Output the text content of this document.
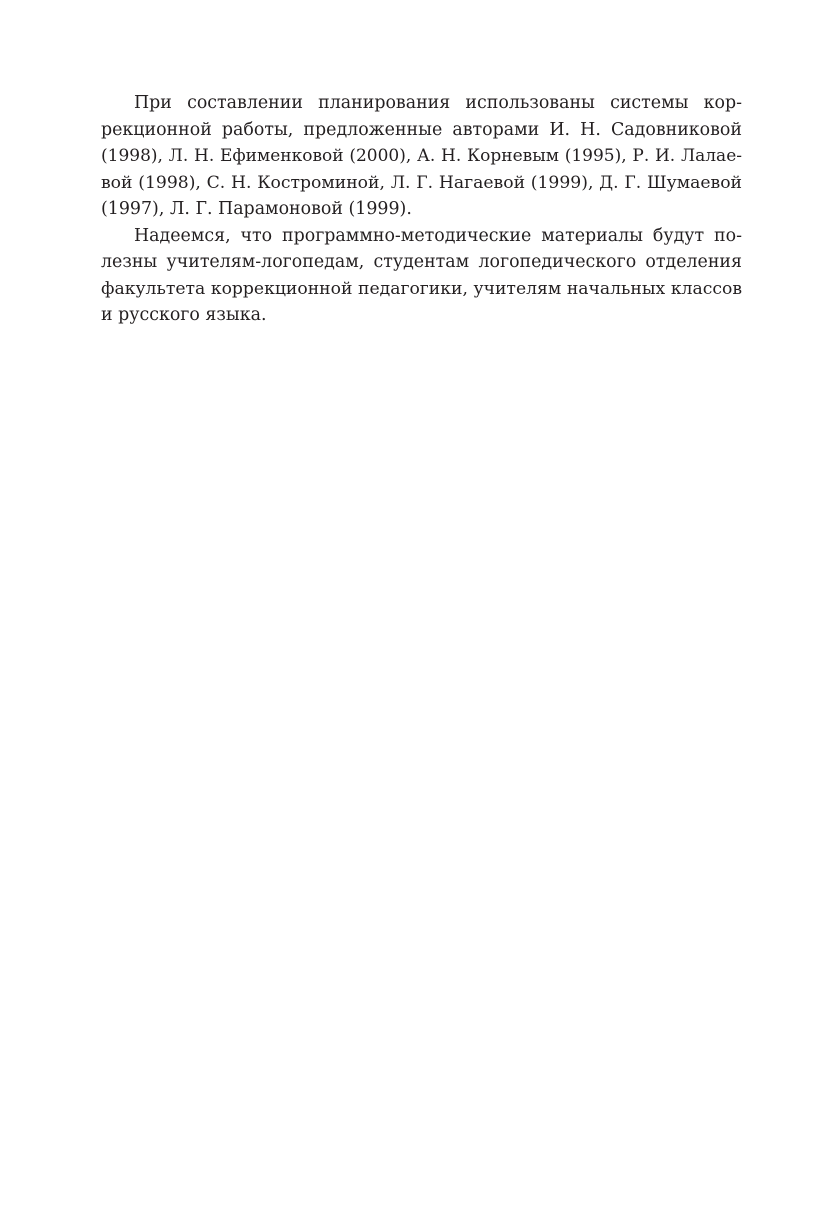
При составлении планирования использованы системы кор-
рекционной работы, предложенные авторами И. Н. Садовниковой
(1998), Л. Н. Ефименковой (2000), А. Н. Корневым (1995), Р. И. Лалае-
вой (1998), С. Н. Костроминой, Л. Г. Нагаевой (1999), Д. Г. Шумаевой
(1997), Л. Г. Парамоновой (1999).
Надеемся, что программно-методические материалы будут по-
лезны учителям-логопедам, студентам логопедического отделения
факультета коррекционной педагогики, учителям начальных классов
и русского языка.
